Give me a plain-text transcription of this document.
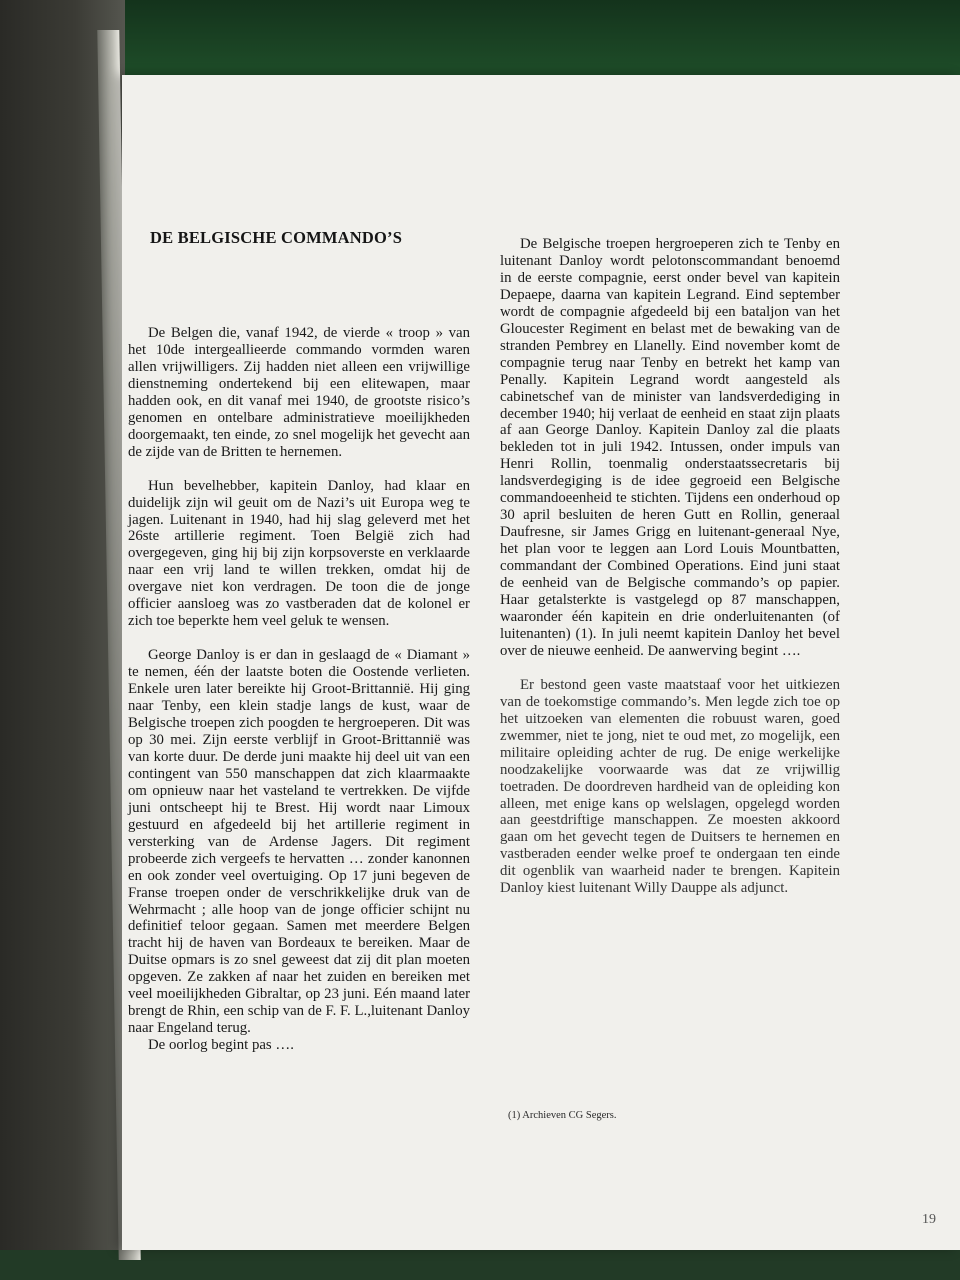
DE BELGISCHE COMMANDO’S

De Belgen die, vanaf 1942, de vierde « troop » van het 10de intergeallieerde commando vormden waren allen vrijwilligers. Zij hadden niet alleen een vrijwillige dienstneming ondertekend bij een elitewapen, maar hadden ook, en dit vanaf mei 1940, de grootste risico’s genomen en ontelbare administratieve moeilijkheden doorgemaakt, ten einde, zo snel mogelijk het gevecht aan de zijde van de Britten te hernemen.

Hun bevelhebber, kapitein Danloy, had klaar en duidelijk zijn wil geuit om de Nazi’s uit Europa weg te jagen. Luitenant in 1940, had hij slag geleverd met het 26ste artillerie regiment. Toen België zich had overgegeven, ging hij bij zijn korpsoverste en verklaarde naar een vrij land te willen trekken, omdat hij de overgave niet kon verdragen. De toon die de jonge officier aansloeg was zo vastberaden dat de kolonel er zich toe beperkte hem veel geluk te wensen.

George Danloy is er dan in geslaagd de « Diamant » te nemen, één der laatste boten die Oostende verlieten. Enkele uren later bereikte hij Groot-Brittannië. Hij ging naar Tenby, een klein stadje langs de kust, waar de Belgische troepen zich poogden te hergroeperen. Dit was op 30 mei. Zijn eerste verblijf in Groot-Brittannië was van korte duur. De derde juni maakte hij deel uit van een contingent van 550 manschappen dat zich klaarmaakte om opnieuw naar het vasteland te vertrekken. De vijfde juni ontscheept hij te Brest. Hij wordt naar Limoux gestuurd en afgedeeld bij het artillerie regiment in versterking van de Ardense Jagers. Dit regiment probeerde zich vergeefs te hervatten … zonder kanonnen en ook zonder veel overtuiging. Op 17 juni begeven de Franse troepen onder de verschrikkelijke druk van de Wehrmacht ; alle hoop van de jonge officier schijnt nu definitief teloor gegaan. Samen met meerdere Belgen tracht hij de haven van Bordeaux te bereiken. Maar de Duitse opmars is zo snel geweest dat zij dit plan moeten opgeven. Ze zakken af naar het zuiden en bereiken met veel moeilijkheden Gibraltar, op 23 juni. Eén maand later brengt de Rhin, een schip van de F. F. L.,luitenant Danloy naar Engeland terug.

De oorlog begint pas ….

De Belgische troepen hergroeperen zich te Tenby en luitenant Danloy wordt pelotonscommandant benoemd in de eerste compagnie, eerst onder bevel van kapitein Depaepe, daarna van kapitein Legrand. Eind september wordt de compagnie afgedeeld bij een bataljon van het Gloucester Regiment en belast met de bewaking van de stranden Pembrey en Llanelly. Eind november komt de compagnie terug naar Tenby en betrekt het kamp van Penally. Kapitein Legrand wordt aangesteld als cabinetschef van de minister van landsverdediging in december 1940; hij verlaat de eenheid en staat zijn plaats af aan George Danloy. Kapitein Danloy zal die plaats bekleden tot in juli 1942. Intussen, onder impuls van Henri Rollin, toenmalig onderstaatssecretaris bij landsverdegiging is de idee gegroeid een Belgische commandoeenheid te stichten. Tijdens een onderhoud op 30 april besluiten de heren Gutt en Rollin, generaal Daufresne, sir James Grigg en luitenant-generaal Nye, het plan voor te leggen aan Lord Louis Mountbatten, commandant der Combined Operations. Eind juni staat de eenheid van de Belgische commando’s op papier. Haar getalsterkte is vastgelegd op 87 manschappen, waaronder één kapitein en drie onderluitenanten (of luitenanten) (1). In juli neemt kapitein Danloy het bevel over de nieuwe eenheid. De aanwerving begint ….

Er bestond geen vaste maatstaaf voor het uitkiezen van de toekomstige commando’s. Men legde zich toe op het uitzoeken van elementen die robuust waren, goed zwemmer, niet te jong, niet te oud met, zo mogelijk, een militaire opleiding achter de rug. De enige werkelijke noodzakelijke voorwaarde was dat ze vrijwillig toetraden. De doordreven hardheid van de opleiding kon alleen, met enige kans op welslagen, opgelegd worden aan geestdriftige manschappen. Ze moesten akkoord gaan om het gevecht tegen de Duitsers te hernemen en vastberaden eender welke proef te ondergaan ten einde dit ogenblik van waarheid nader te brengen. Kapitein Danloy kiest luitenant Willy Dauppe als adjunct.

(1) Archieven CG Segers.
19
